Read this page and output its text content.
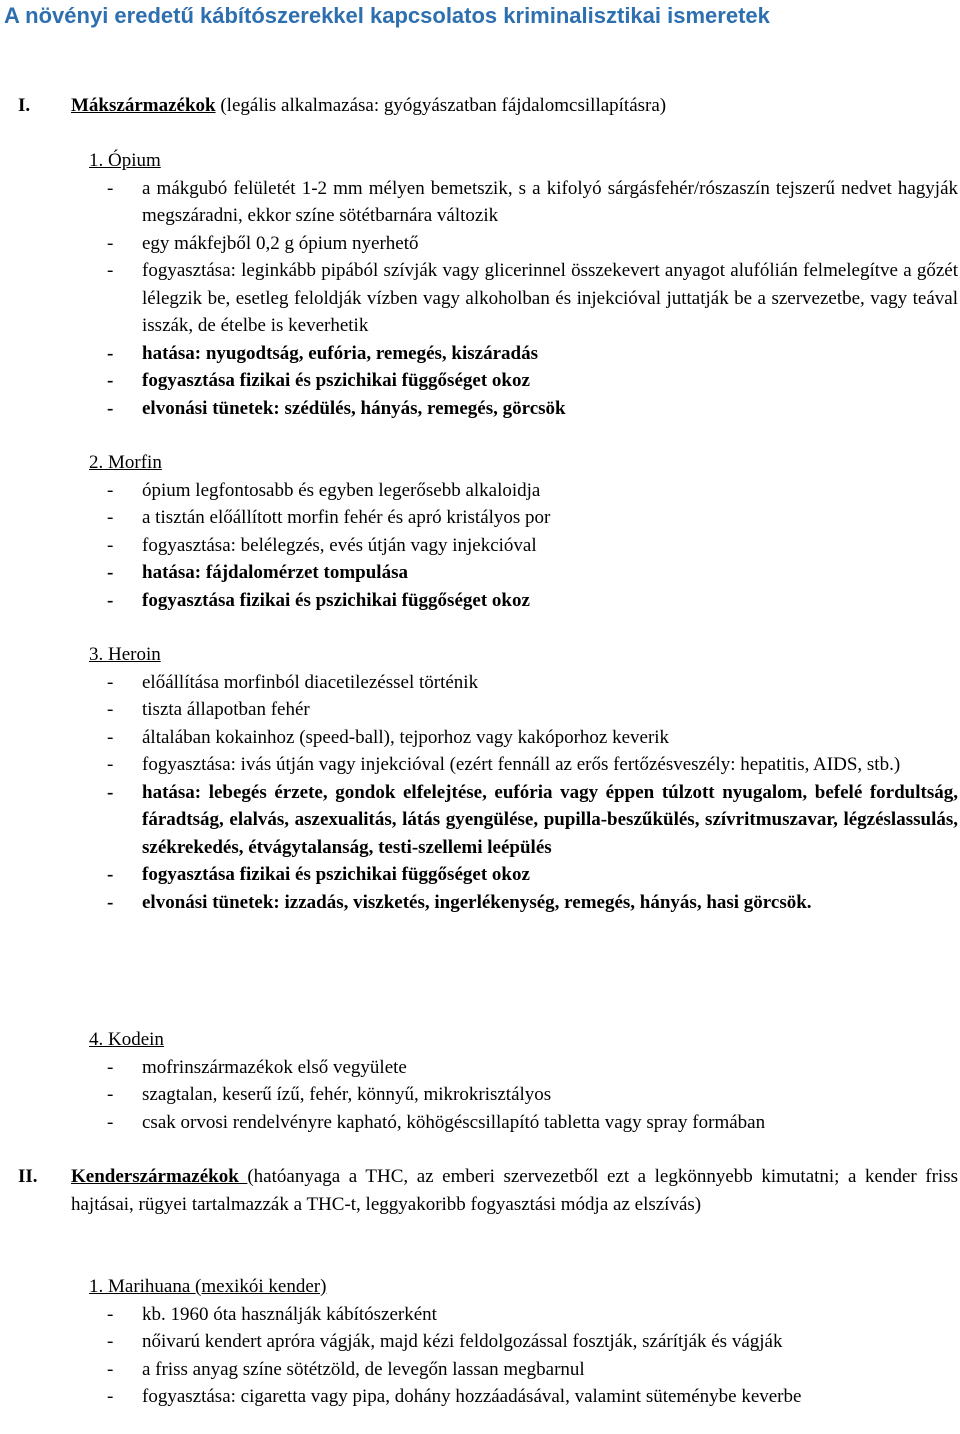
A növényi eredetű kábítószerekkel kapcsolatos kriminalisztikai ismeretek
I. Mákszármazékok (legális alkalmazása: gyógyászatban fájdalomcsillapításra)
1. Ópium
- a mákgubó felületét 1-2 mm mélyen bemetszik, s a kifolyó sárgásfehér/rószaszín tejszerű nedvet hagyják megszáradni, ekkor színe sötétbarnára változik
- egy mákfejből 0,2 g ópium nyerhető
- fogyasztása: leginkább pipából szívják vagy glicerinnel összekevert anyagot alufólián felmelegítve a gőzét lélegzik be, esetleg feloldják vízben vagy alkoholban és injekcióval juttatják be a szervezetbe, vagy teával isszák, de ételbe is keverhetik
- hatása: nyugodtság, eufória, remegés, kiszáradás
- fogyasztása fizikai és pszichikai függőséget okoz
- elvonási tünetek: szédülés, hányás, remegés, görcsök
2. Morfin
- ópium legfontosabb és egyben legerősebb alkaloidja
- a tisztán előállított morfin fehér és apró kristályos por
- fogyasztása: belélegzés, evés útján vagy injekcióval
- hatása: fájdalomérzet tompulása
- fogyasztása fizikai és pszichikai függőséget okoz
3. Heroin
- előállítása morfinból diacetilezéssel történik
- tiszta állapotban fehér
- általában kokainhoz (speed-ball), tejporhoz vagy kakóporhoz keverik
- fogyasztása: ivás útján vagy injekcióval (ezért fennáll az erős fertőzésveszély: hepatitis, AIDS, stb.)
- hatása: lebegés érzete, gondok elfelejtése, eufória vagy éppen túlzott nyugalom, befelé fordultság, fáradtság, elalvás, aszexualitás, látás gyengülése, pupilla-beszűkülés, szívritmuszavar, légzéslassulás, székrekedés, étvágytalanság, testi-szellemi leépülés
- fogyasztása fizikai és pszichikai függőséget okoz
- elvonási tünetek: izzadás, viszketés, ingerlékenység, remegés, hányás, hasi görcsök.
4. Kodein
- mofrinszármazékok első vegyülete
- szagtalan, keserű ízű, fehér, könnyű, mikrokrisztályos
- csak orvosi rendelvényre kapható, köhögéscsillapító tabletta vagy spray formában
II. Kenderszármazékok (hatóanyaga a THC, az emberi szervezetből ezt a legkönnyebb kimutatni; a kender friss hajtásai, rügyei tartalmazzák a THC-t, leggyakoribb fogyasztási módja az elszívás)
1. Marihuana (mexikói kender)
- kb. 1960 óta használják kábítószerként
- nőivarú kendert apróra vágják, majd kézi feldolgozással fosztják, szárítják és vágják
- a friss anyag színe sötétzöld, de levegőn lassan megbarnul
- fogyasztása: cigaretta vagy pipa, dohány hozzáadásával, valamint süteménybe keverbe
